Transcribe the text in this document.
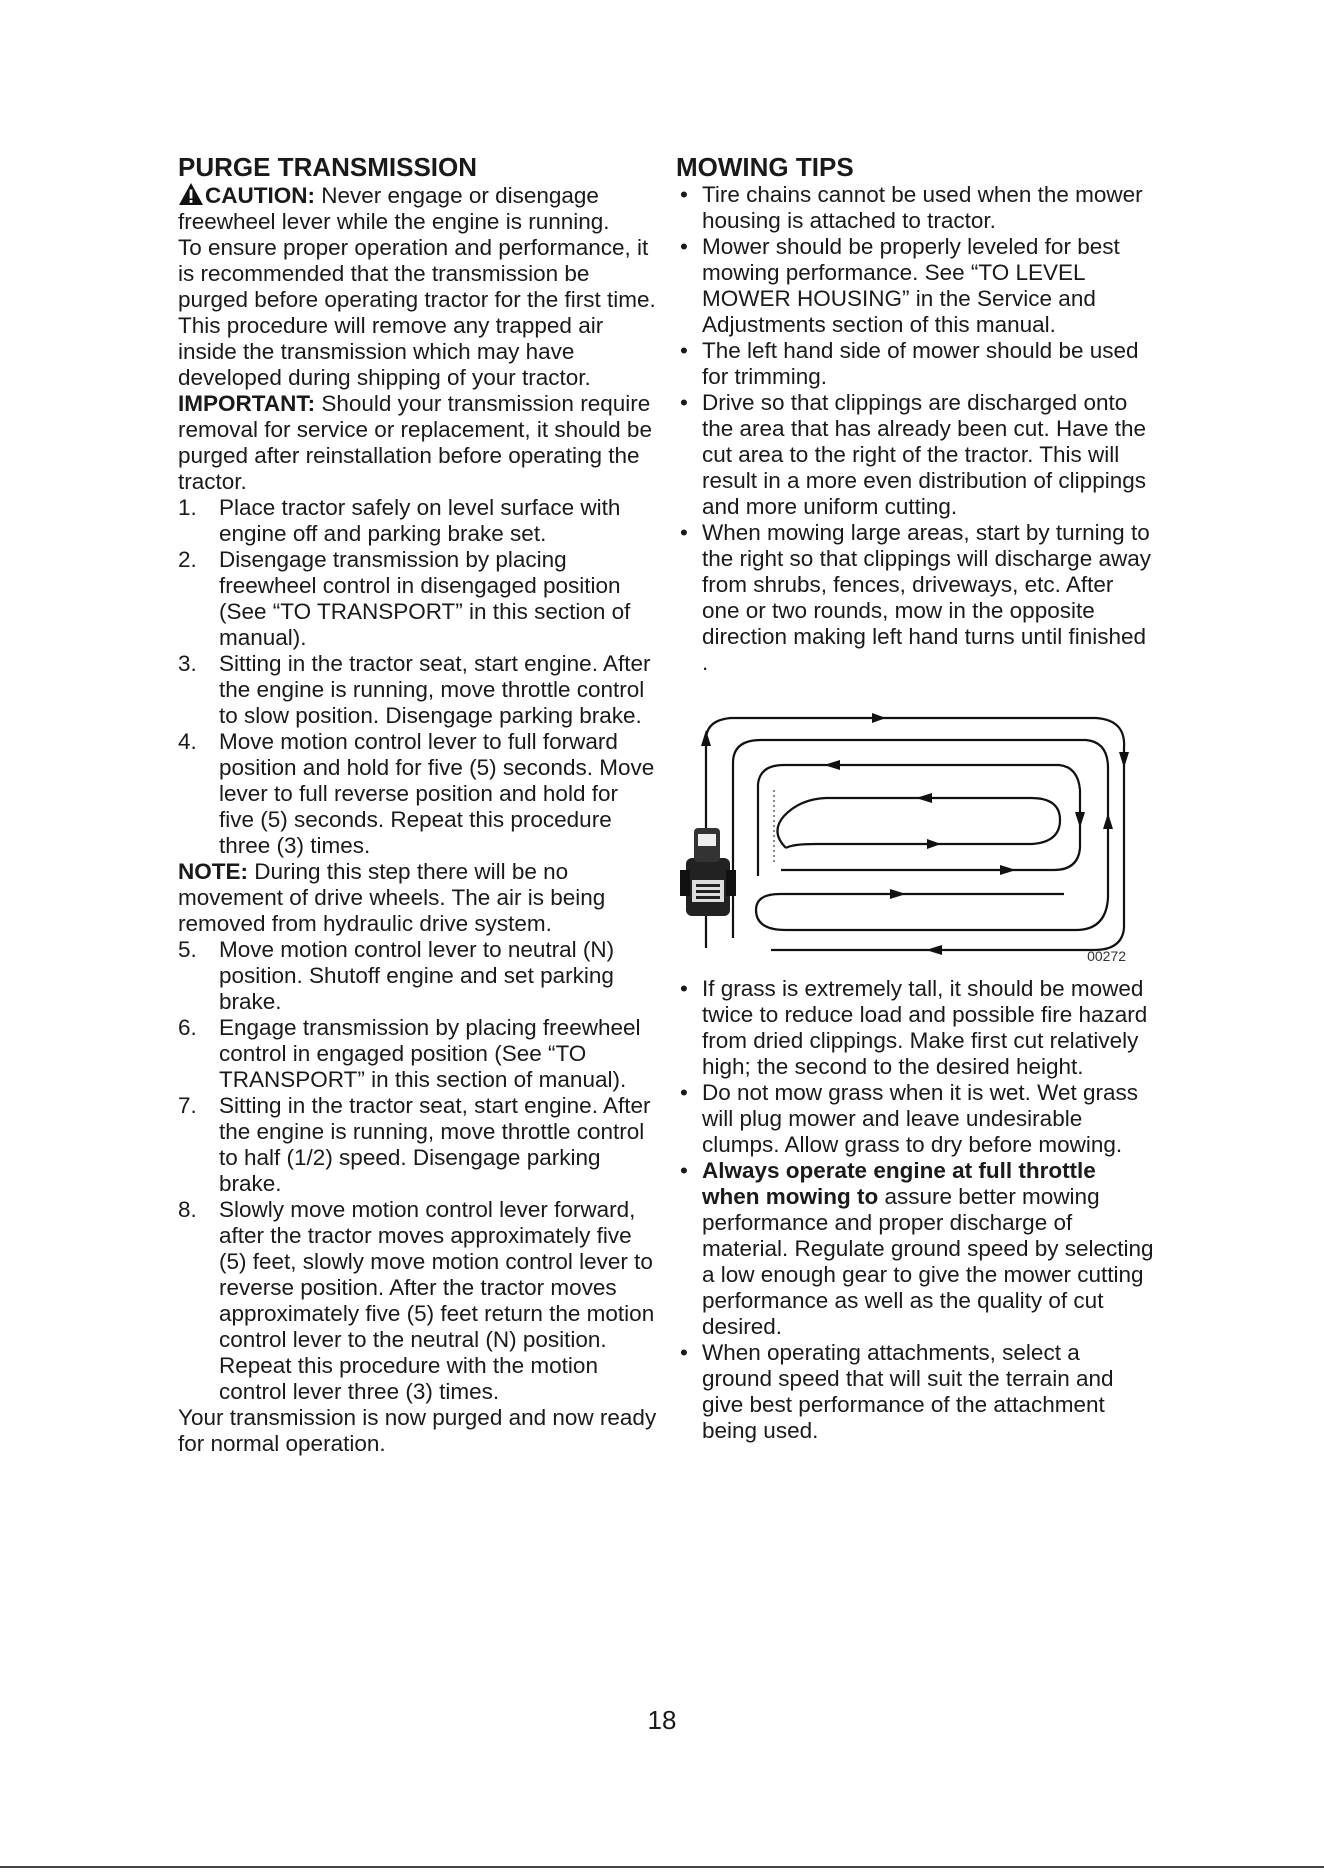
PURGE TRANSMISSION

CAUTION: Never engage or disengage freewheel lever while the engine is running.

To ensure proper operation and performance, it is recommended that the transmission be purged before operating tractor for the first time. This procedure will remove any trapped air inside the transmission which may have developed during shipping of your tractor.

IMPORTANT: Should your transmission require removal for service or replacement, it should be purged after reinstallation before operating the tractor.

1. Place tractor safely on level surface with engine off and parking brake set.

2. Disengage transmission by placing freewheel control in disengaged position (See “TO TRANSPORT” in this section of manual).

3. Sitting in the tractor seat, start engine. After the engine is running, move throttle control to slow position. Disengage parking brake.

4. Move motion control lever to full forward position and hold for five (5) seconds. Move lever to full reverse position and hold for five (5) seconds. Repeat this procedure three (3) times.

NOTE: During this step there will be no movement of drive wheels. The air is being removed from hydraulic drive system.

5. Move motion control lever to neutral (N) position. Shutoff engine and set parking brake.

6. Engage transmission by placing freewheel control in engaged position (See “TO TRANSPORT” in this section of manual).

7. Sitting in the tractor seat, start engine. After the engine is running, move throttle control to half (1/2) speed. Disengage parking brake.

8. Slowly move motion control lever forward, after the tractor moves approximately five (5) feet, slowly move motion control lever to reverse position. After the tractor moves approximately five (5) feet return the motion control lever to the neutral (N) position. Repeat this procedure with the motion control lever three (3) times.

Your transmission is now purged and now ready for normal operation.

MOWING TIPS

• Tire chains cannot be used when the mower housing is attached to tractor.

• Mower should be properly leveled for best mowing performance. See “TO LEVEL MOWER HOUSING” in the Service and Adjustments section of this manual.

• The left hand side of mower should be used for trimming.

• Drive so that clippings are discharged onto the area that has already been cut. Have the cut area to the right of the tractor. This will result in a more even distribution of clippings and more uniform cutting.

• When mowing large areas, start by turning to the right so that clippings will discharge away from shrubs, fences, driveways, etc. After one or two rounds, mow in the opposite direction making left hand turns until finished .

00272

• If grass is extremely tall, it should be mowed twice to reduce load and possible fire hazard from dried clippings. Make first cut relatively high; the second to the desired height.

• Do not mow grass when it is wet. Wet grass will plug mower and leave undesirable clumps. Allow grass to dry before mowing.

• Always operate engine at full throttle when mowing to assure better mowing performance and proper discharge of material. Regulate ground speed by selecting a low enough gear to give the mower cutting performance as well as the quality of cut desired.

• When operating attachments, select a ground speed that will suit the terrain and give best performance of the attachment being used.

18
